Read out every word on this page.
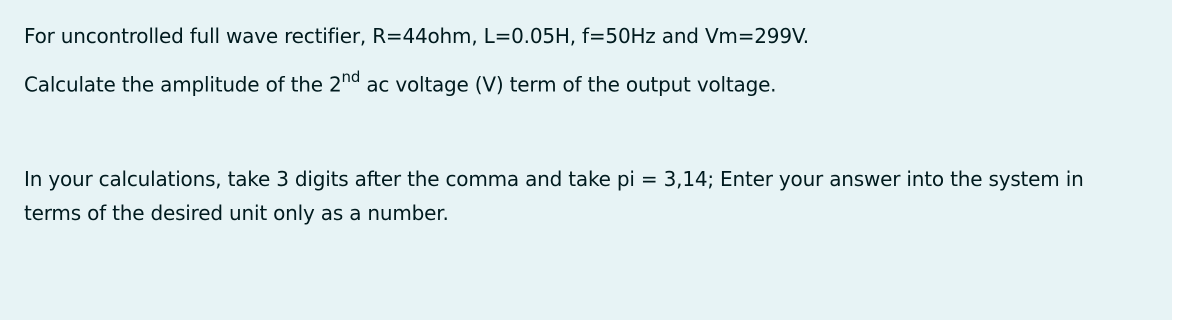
For uncontrolled full wave rectifier, R=44ohm, L=0.05H, f=50Hz and Vm=299V.
Calculate the amplitude of the 2nd ac voltage (V) term of the output voltage.
In your calculations, take 3 digits after the comma and take pi = 3,14; Enter your answer into the system in
terms of the desired unit only as a number.
